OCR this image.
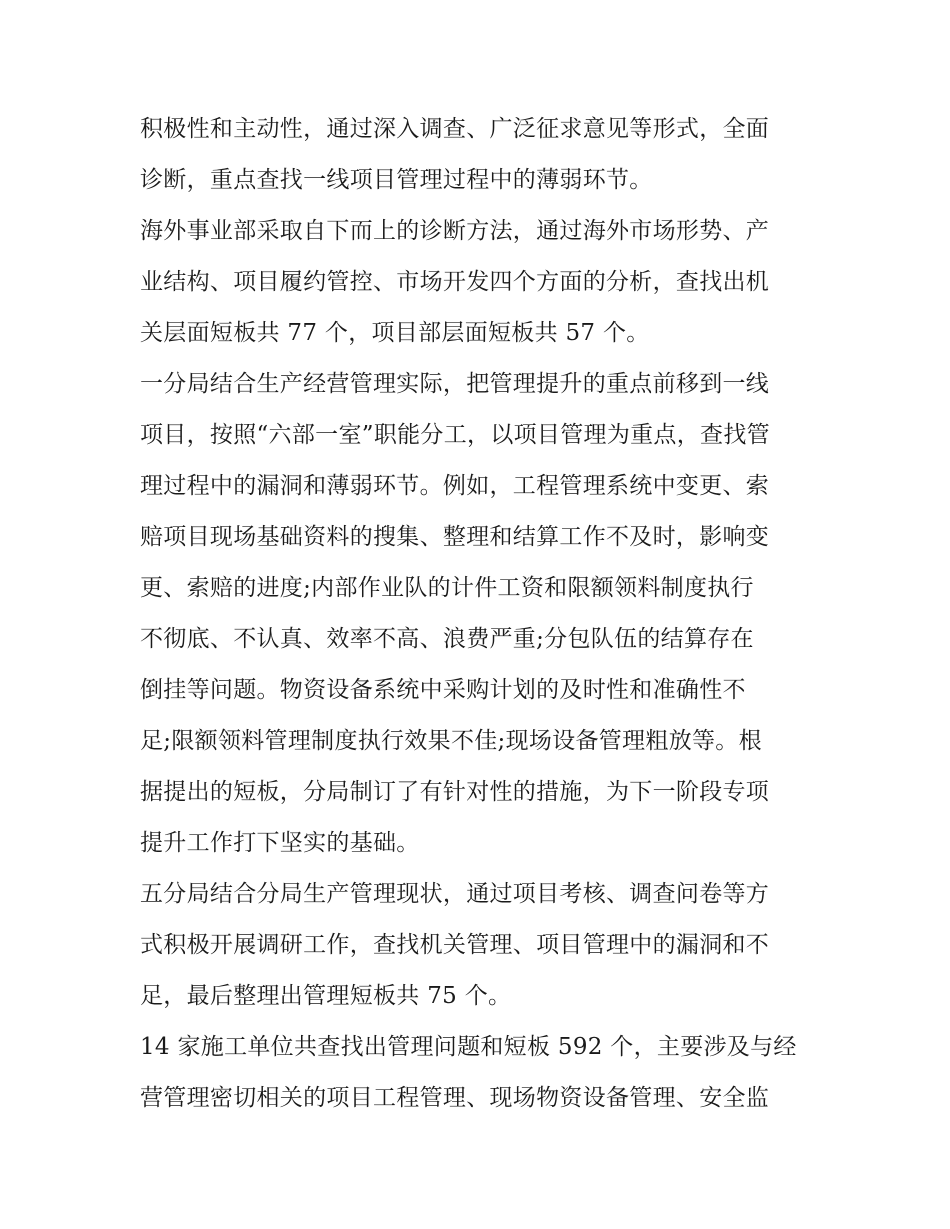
积极性和主动性，通过深入调查、广泛征求意见等形式，全面
诊断，重点查找一线项目管理过程中的薄弱环节。
海外事业部采取自下而上的诊断方法，通过海外市场形势、产
业结构、项目履约管控、市场开发四个方面的分析，查找出机
关层面短板共 77 个，项目部层面短板共 57 个。
一分局结合生产经营管理实际，把管理提升的重点前移到一线
项目，按照“六部一室”职能分工，以项目管理为重点，查找管
理过程中的漏洞和薄弱环节。例如，工程管理系统中变更、索
赔项目现场基础资料的搜集、整理和结算工作不及时，影响变
更、索赔的进度;内部作业队的计件工资和限额领料制度执行
不彻底、不认真、效率不高、浪费严重;分包队伍的结算存在
倒挂等问题。物资设备系统中采购计划的及时性和准确性不
足;限额领料管理制度执行效果不佳;现场设备管理粗放等。根
据提出的短板，分局制订了有针对性的措施，为下一阶段专项
提升工作打下坚实的基础。
五分局结合分局生产管理现状，通过项目考核、调查问卷等方
式积极开展调研工作，查找机关管理、项目管理中的漏洞和不
足，最后整理出管理短板共 75 个。
14 家施工单位共查找出管理问题和短板 592 个，主要涉及与经
营管理密切相关的项目工程管理、现场物资设备管理、安全监
